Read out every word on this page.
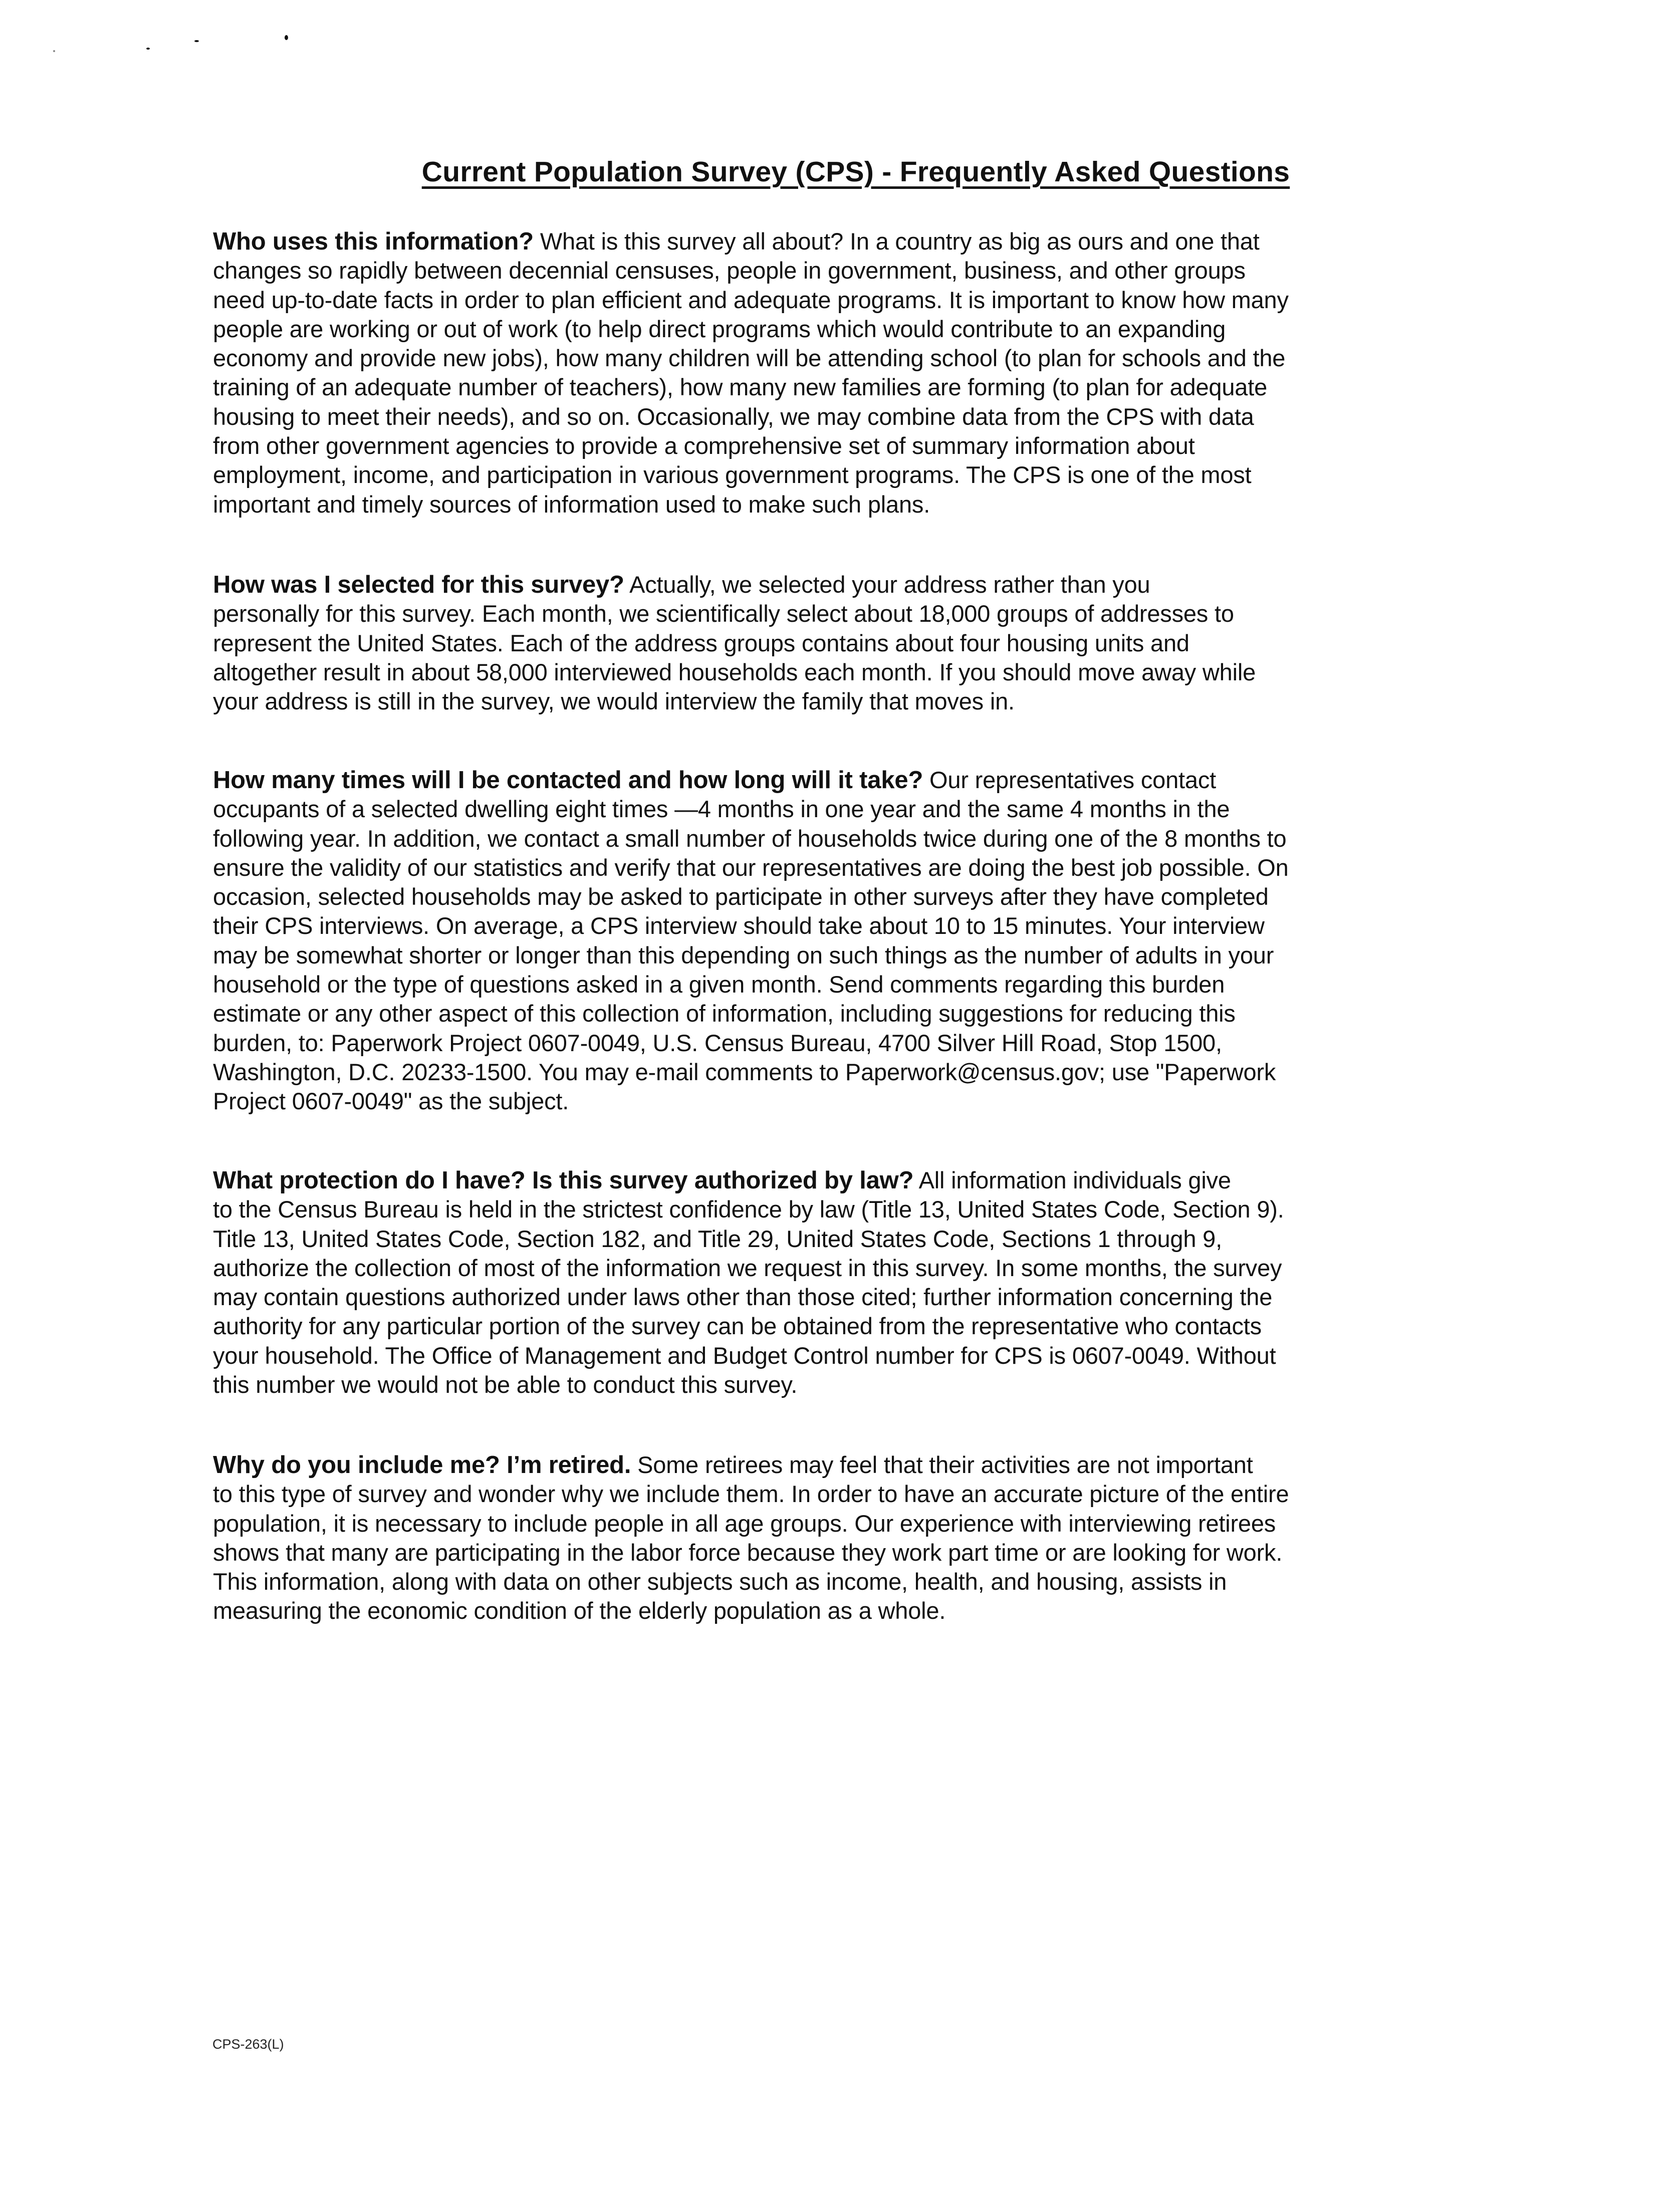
Current Population Survey (CPS) - Frequently Asked Questions
Who uses this information? What is this survey all about? In a country as big as ours and one that
changes so rapidly between decennial censuses, people in government, business, and other groups
need up-to-date facts in order to plan efficient and adequate programs. It is important to know how many
people are working or out of work (to help direct programs which would contribute to an expanding
economy and provide new jobs), how many children will be attending school (to plan for schools and the
training of an adequate number of teachers), how many new families are forming (to plan for adequate
housing to meet their needs), and so on. Occasionally, we may combine data from the CPS with data
from other government agencies to provide a comprehensive set of summary information about
employment, income, and participation in various government programs. The CPS is one of the most
important and timely sources of information used to make such plans.
How was I selected for this survey? Actually, we selected your address rather than you
personally for this survey. Each month, we scientifically select about 18,000 groups of addresses to
represent the United States. Each of the address groups contains about four housing units and
altogether result in about 58,000 interviewed households each month. If you should move away while
your address is still in the survey, we would interview the family that moves in.
How many times will I be contacted and how long will it take? Our representatives contact
occupants of a selected dwelling eight times —4 months in one year and the same 4 months in the
following year. In addition, we contact a small number of households twice during one of the 8 months to
ensure the validity of our statistics and verify that our representatives are doing the best job possible. On
occasion, selected households may be asked to participate in other surveys after they have completed
their CPS interviews. On average, a CPS interview should take about 10 to 15 minutes. Your interview
may be somewhat shorter or longer than this depending on such things as the number of adults in your
household or the type of questions asked in a given month. Send comments regarding this burden
estimate or any other aspect of this collection of information, including suggestions for reducing this
burden, to: Paperwork Project 0607-0049, U.S. Census Bureau, 4700 Silver Hill Road, Stop 1500,
Washington, D.C. 20233-1500. You may e-mail comments to Paperwork@census.gov; use "Paperwork
Project 0607-0049" as the subject.
What protection do I have? Is this survey authorized by law? All information individuals give
to the Census Bureau is held in the strictest confidence by law (Title 13, United States Code, Section 9).
Title 13, United States Code, Section 182, and Title 29, United States Code, Sections 1 through 9,
authorize the collection of most of the information we request in this survey. In some months, the survey
may contain questions authorized under laws other than those cited; further information concerning the
authority for any particular portion of the survey can be obtained from the representative who contacts
your household. The Office of Management and Budget Control number for CPS is 0607-0049. Without
this number we would not be able to conduct this survey.
Why do you include me? I’m retired. Some retirees may feel that their activities are not important
to this type of survey and wonder why we include them. In order to have an accurate picture of the entire
population, it is necessary to include people in all age groups. Our experience with interviewing retirees
shows that many are participating in the labor force because they work part time or are looking for work.
This information, along with data on other subjects such as income, health, and housing, assists in
measuring the economic condition of the elderly population as a whole.
CPS-263(L)
